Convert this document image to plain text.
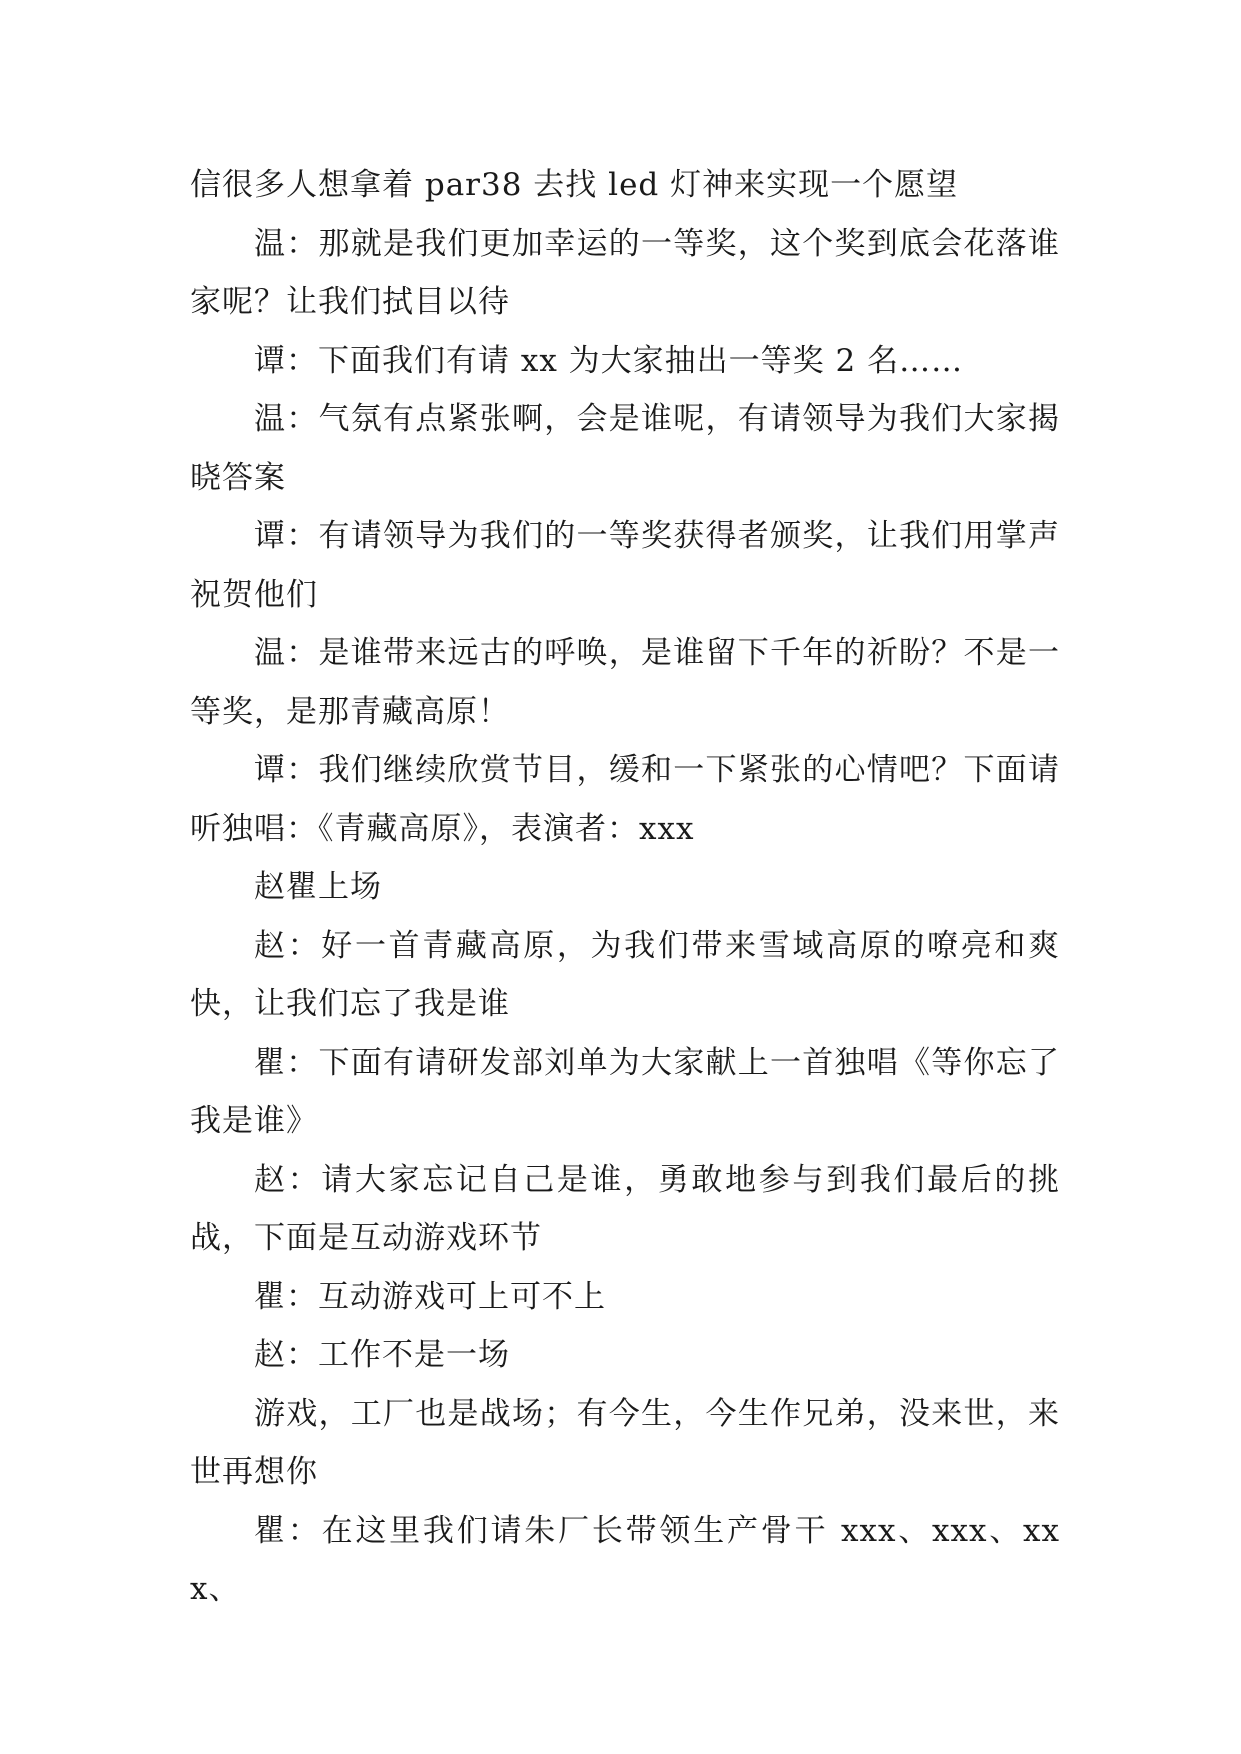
信很多人想拿着 par38 去找 led 灯神来实现一个愿望

温：那就是我们更加幸运的一等奖，这个奖到底会花落谁家呢？让我们拭目以待

谭：下面我们有请 xx 为大家抽出一等奖 2 名……

温：气氛有点紧张啊，会是谁呢，有请领导为我们大家揭晓答案

谭：有请领导为我们的一等奖获得者颁奖，让我们用掌声祝贺他们

温：是谁带来远古的呼唤，是谁留下千年的祈盼？不是一等奖，是那青藏高原！

谭：我们继续欣赏节目，缓和一下紧张的心情吧？下面请听独唱：《青藏高原》，表演者：xxx

赵瞿上场

赵：好一首青藏高原，为我们带来雪域高原的嘹亮和爽快，让我们忘了我是谁

瞿：下面有请研发部刘单为大家献上一首独唱《等你忘了我是谁》

赵：请大家忘记自己是谁，勇敢地参与到我们最后的挑战，下面是互动游戏环节

瞿：互动游戏可上可不上

赵：工作不是一场

游戏，工厂也是战场；有今生，今生作兄弟，没来世，来世再想你

瞿：在这里我们请朱厂长带领生产骨干 xxx、xxx、xxx、
